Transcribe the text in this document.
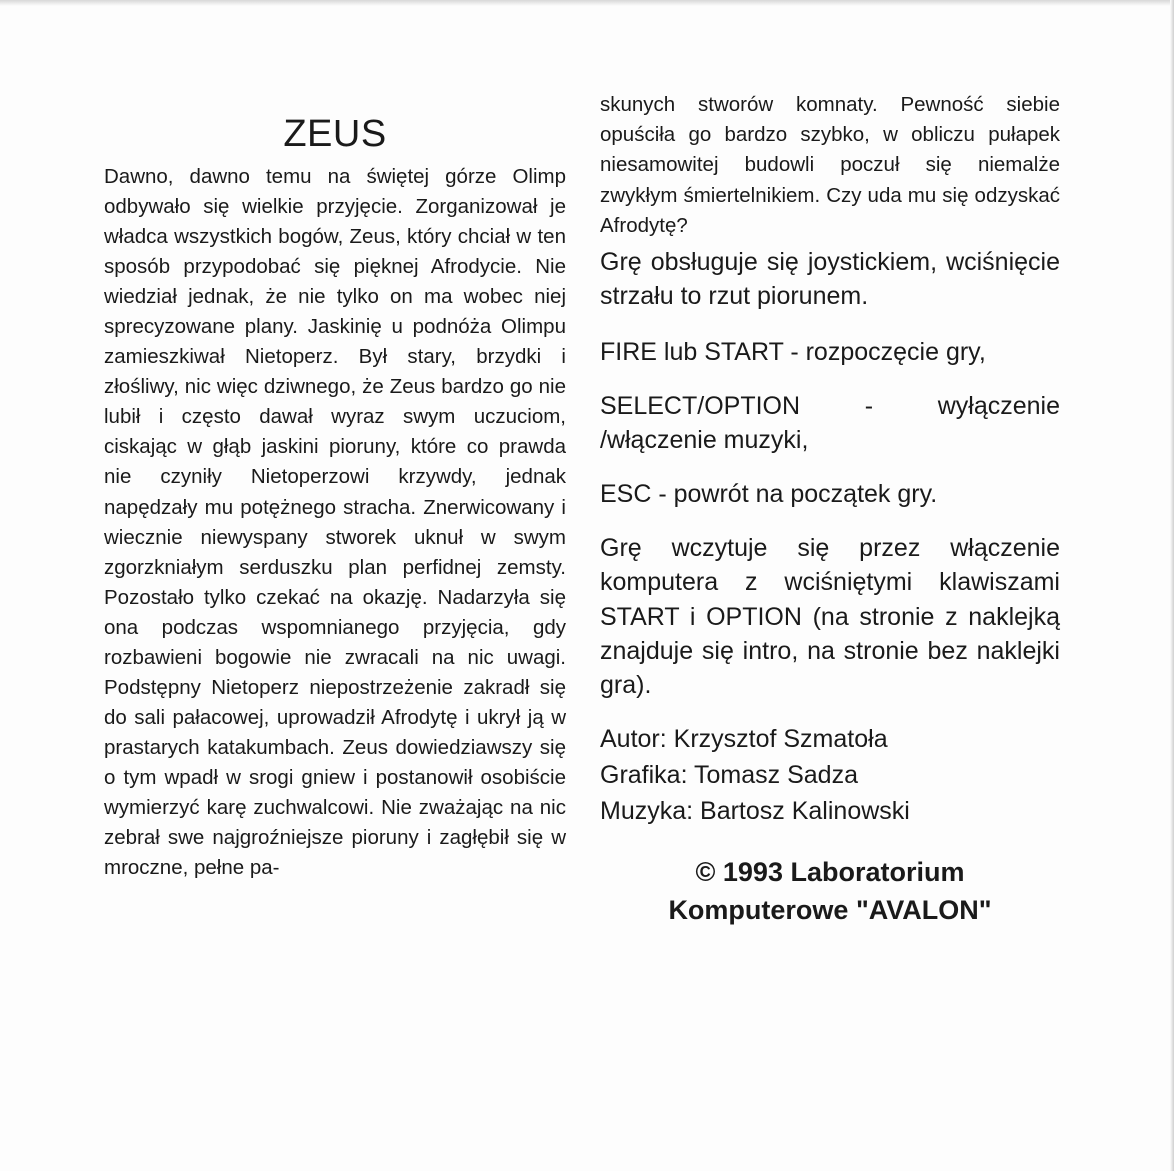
ZEUS

Dawno, dawno temu na świętej górze Olimp odbywało się wielkie przyjęcie. Zorganizował je władca wszystkich bogów, Zeus, który chciał w ten sposób przypodobać się pięknej Afrodycie. Nie wiedział jednak, że nie tylko on ma wobec niej sprecyzowane plany. Jaskinię u podnóża Olimpu zamieszkiwał Nietoperz. Był stary, brzydki i złośliwy, nic więc dziwnego, że Zeus bardzo go nie lubił i często dawał wyraz swym uczuciom, ciskając w głąb jaskini pioruny, które co prawda nie czyniły Nietoperzowi krzywdy, jednak napędzały mu potężnego stracha. Znerwicowany i wiecznie niewyspany stworek uknuł w swym zgorzkniałym serduszku plan perfidnej zemsty. Pozostało tylko czekać na okazję. Nadarzyła się ona podczas wspomnianego przyjęcia, gdy rozbawieni bogowie nie zwracali na nic uwagi. Podstępny Nietoperz niepostrzeżenie zakradł się do sali pałacowej, uprowadził Afrodytę i ukrył ją w prastarych katakumbach. Zeus dowiedziawszy się o tym wpadł w srogi gniew i postanowił osobiście wymierzyć karę zuchwalcowi. Nie zważając na nic zebrał swe najgroźniejsze pioruny i zagłębił się w mroczne, pełne pa-

skunych stworów komnaty. Pewność siebie opuściła go bardzo szybko, w obliczu pułapek niesamowitej budowli poczuł się niemalże zwykłym śmiertelnikiem. Czy uda mu się odzyskać Afrodytę?

Grę obsługuje się joystickiem, wciśnięcie strzału to rzut piorunem.

FIRE lub START - rozpoczęcie gry,

SELECT/OPTION - wyłączenie /włączenie muzyki,

ESC - powrót na początek gry.

Grę wczytuje się przez włączenie komputera z wciśniętymi klawiszami START i OPTION (na stronie z naklejką znajduje się intro, na stronie bez naklejki gra).

Autor: Krzysztof Szmatoła
Grafika: Tomasz Sadza
Muzyka: Bartosz Kalinowski
© 1993 Laboratorium
Komputerowe "AVALON"
